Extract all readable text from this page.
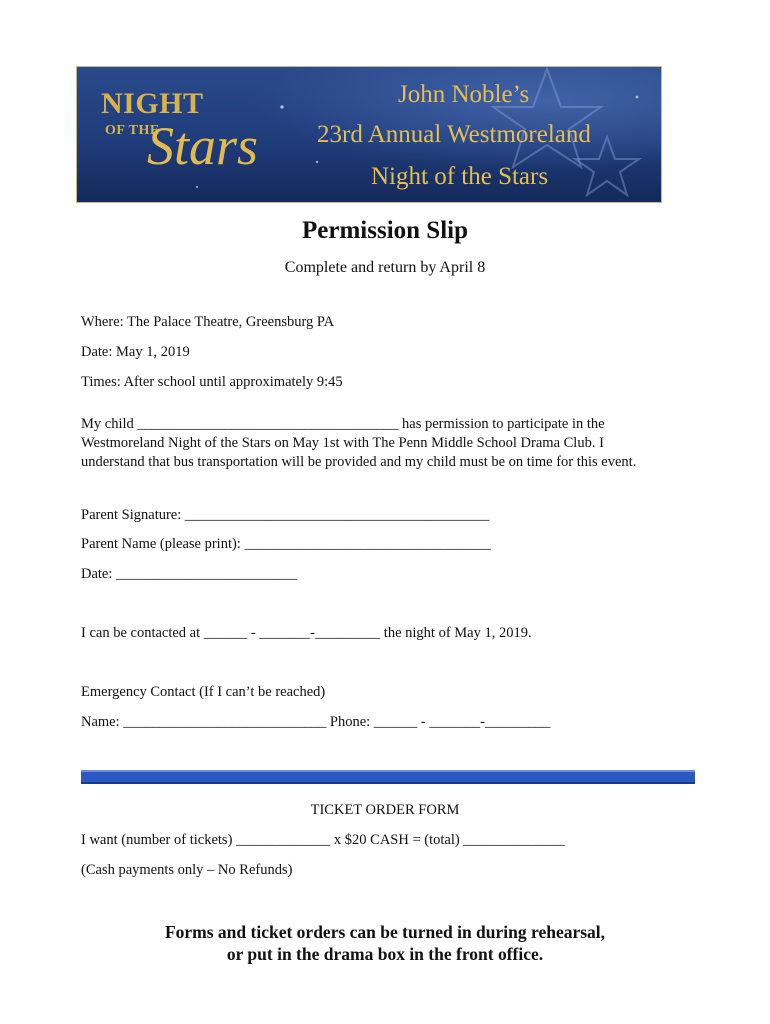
NIGHT
OF THE
Stars
John Noble’s
23rd Annual Westmoreland
Night of the Stars
Permission Slip
Complete and return by April 8
Where: The Palace Theatre, Greensburg PA
Date: May 1, 2019
Times: After school until approximately 9:45
My child ____________________________________ has permission to participate in the
Westmoreland Night of the Stars on May 1st with The Penn Middle School Drama Club. I
understand that bus transportation will be provided and my child must be on time for this event.
Parent Signature: __________________________________________
Parent Name (please print): __________________________________
Date: _________________________
I can be contacted at ______ - _______-_________ the night of May 1, 2019.
Emergency Contact (If I can’t be reached)
Name: ____________________________ Phone: ______ - _______-_________
TICKET ORDER FORM
I want (number of tickets) _____________ x $20 CASH = (total) ______________
(Cash payments only – No Refunds)
Forms and ticket orders can be turned in during rehearsal,
or put in the drama box in the front office.
